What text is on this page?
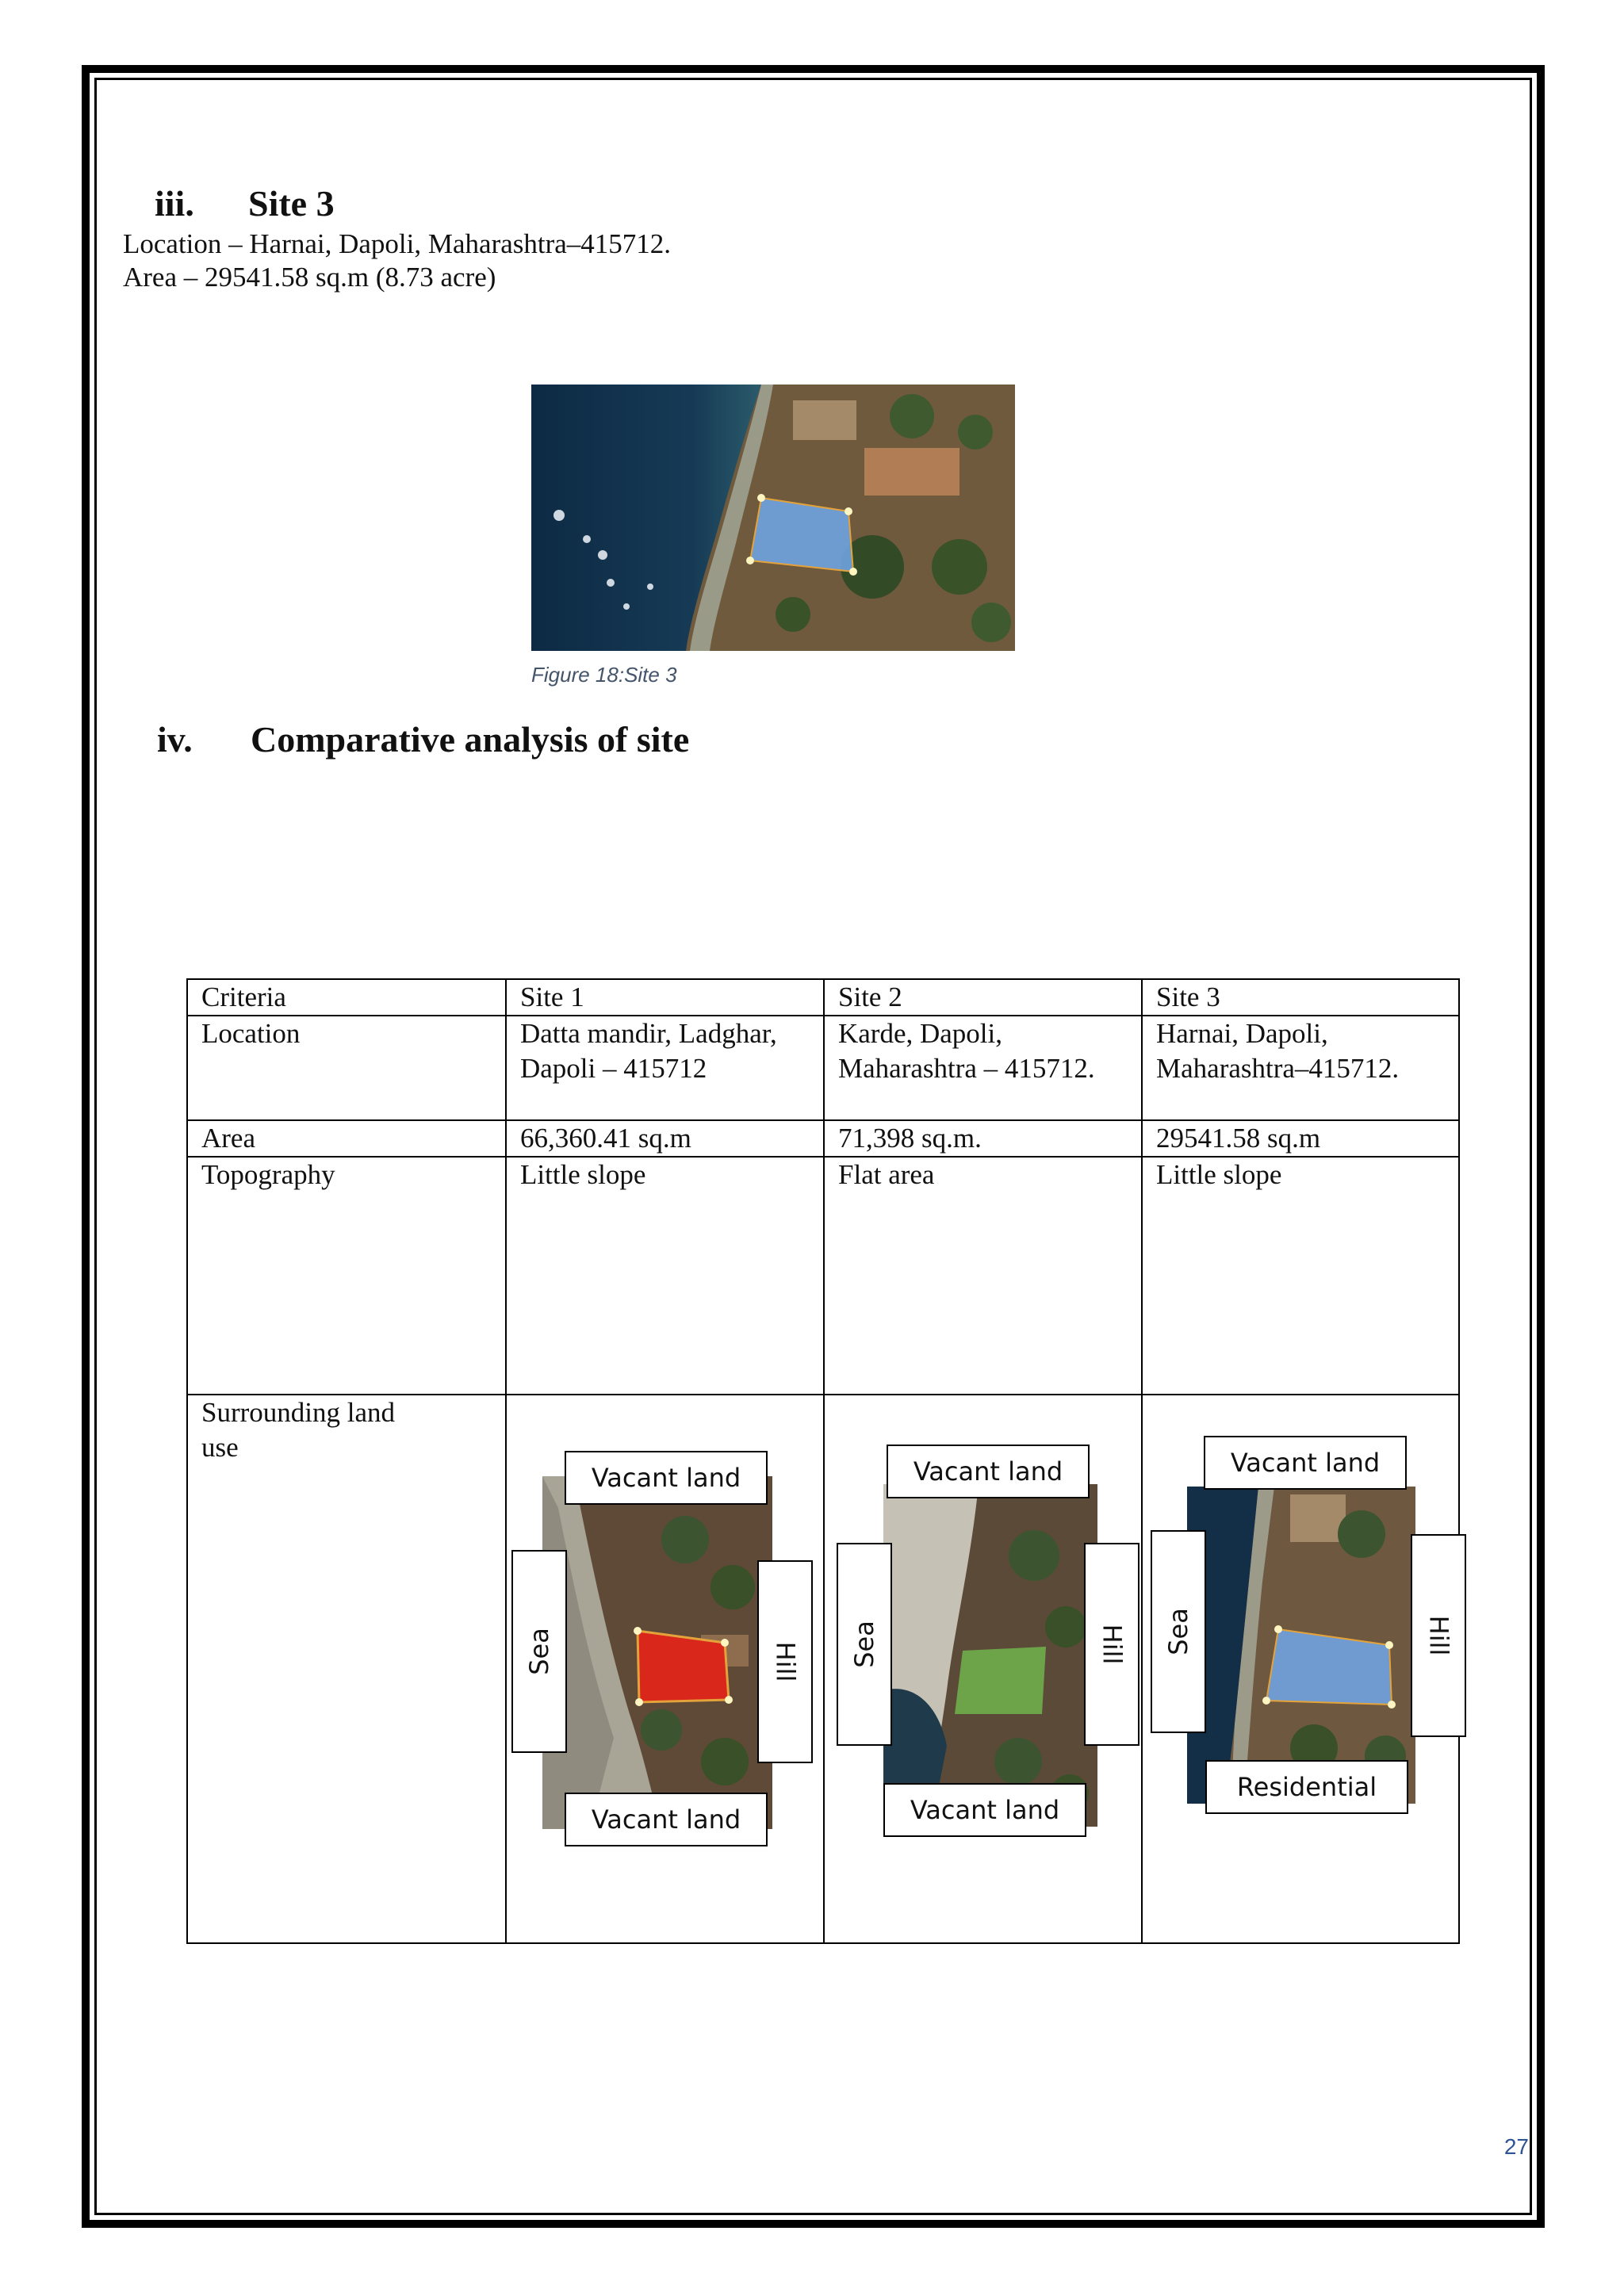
iii. Site 3
Location – Harnai, Dapoli, Maharashtra–415712.
Area – 29541.58 sq.m (8.73 acre)
Figure 18:Site 3
iv. Comparative analysis of site
Criteria	Site 1	Site 2	Site 3
Location	Datta mandir, Ladghar, Dapoli – 415712	Karde, Dapoli, Maharashtra – 415712.	Harnai, Dapoli, Maharashtra–415712.
Area	66,360.41 sq.m	71,398 sq.m.	29541.58 sq.m
Topography	Little slope	Flat area	Little slope
Surrounding land use			
Vacant land
Sea	Hill
Vacant land
Vacant land
Sea	Hill
Vacant land
Vacant land
Sea	Hill
Residential
27
